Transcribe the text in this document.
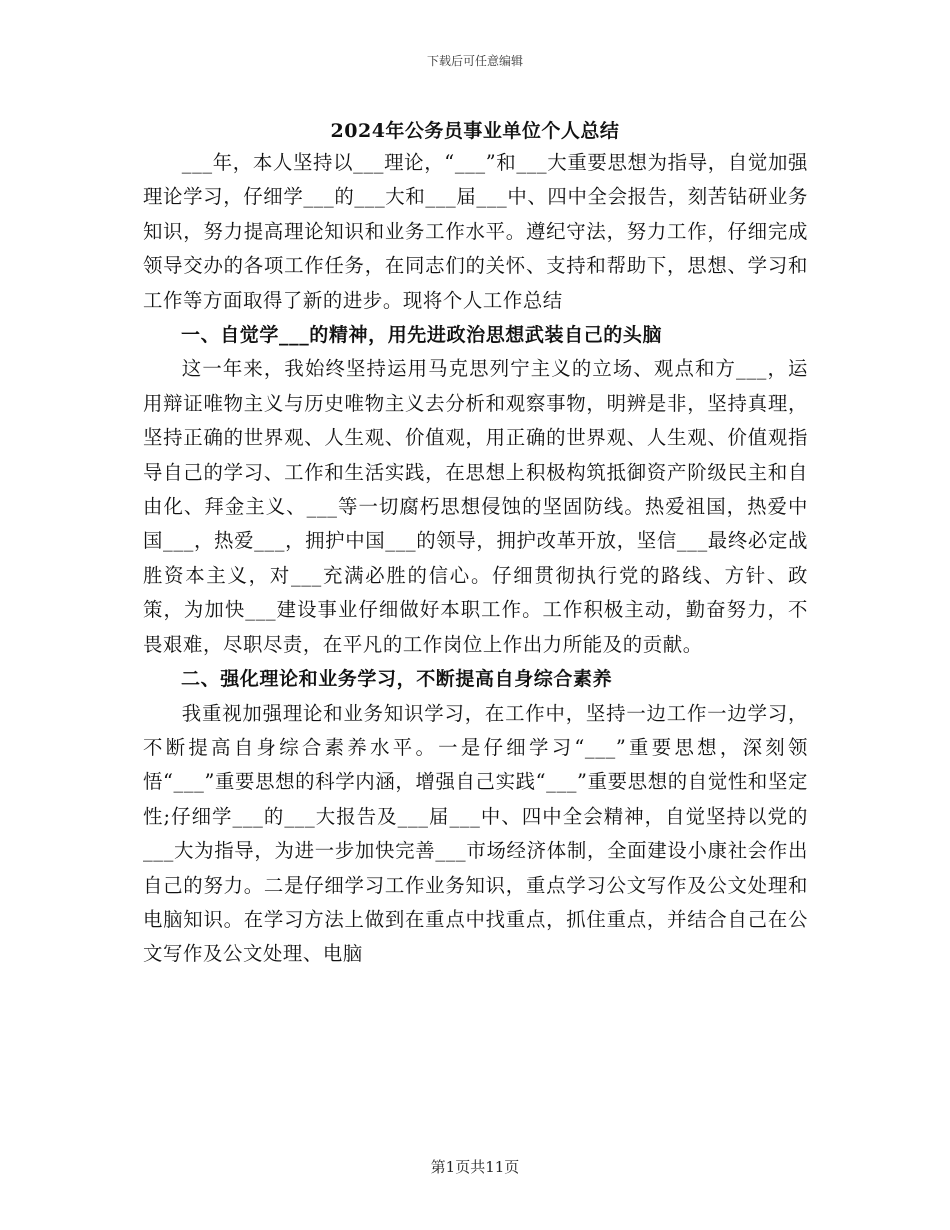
下载后可任意编辑
2024年公务员事业单位个人总结

___年，本人坚持以___理论，“___”和___大重要思想为指导，自觉加强理论学习，仔细学___的___大和___届___中、四中全会报告，刻苦钻研业务知识，努力提高理论知识和业务工作水平。遵纪守法，努力工作，仔细完成领导交办的各项工作任务，在同志们的关怀、支持和帮助下，思想、学习和工作等方面取得了新的进步。现将个人工作总结

一、自觉学___的精神，用先进政治思想武装自己的头脑

这一年来，我始终坚持运用马克思列宁主义的立场、观点和方___，运用辩证唯物主义与历史唯物主义去分析和观察事物，明辨是非，坚持真理，坚持正确的世界观、人生观、价值观，用正确的世界观、人生观、价值观指导自己的学习、工作和生活实践，在思想上积极构筑抵御资产阶级民主和自由化、拜金主义、___等一切腐朽思想侵蚀的坚固防线。热爱祖国，热爱中国___，热爱___，拥护中国___的领导，拥护改革开放，坚信___最终必定战胜资本主义，对___充满必胜的信心。仔细贯彻执行党的路线、方针、政策，为加快___建设事业仔细做好本职工作。工作积极主动，勤奋努力，不畏艰难，尽职尽责，在平凡的工作岗位上作出力所能及的贡献。

二、强化理论和业务学习，不断提高自身综合素养

我重视加强理论和业务知识学习，在工作中，坚持一边工作一边学习，不断提高自身综合素养水平。一是仔细学习“___”重要思想，深刻领悟“___”重要思想的科学内涵，增强自己实践“___”重要思想的自觉性和坚定性;仔细学___的___大报告及___届___中、四中全会精神，自觉坚持以党的___大为指导，为进一步加快完善___市场经济体制，全面建设小康社会作出自己的努力。二是仔细学习工作业务知识，重点学习公文写作及公文处理和电脑知识。在学习方法上做到在重点中找重点，抓住重点，并结合自己在公文写作及公文处理、电脑

第1页共11页
